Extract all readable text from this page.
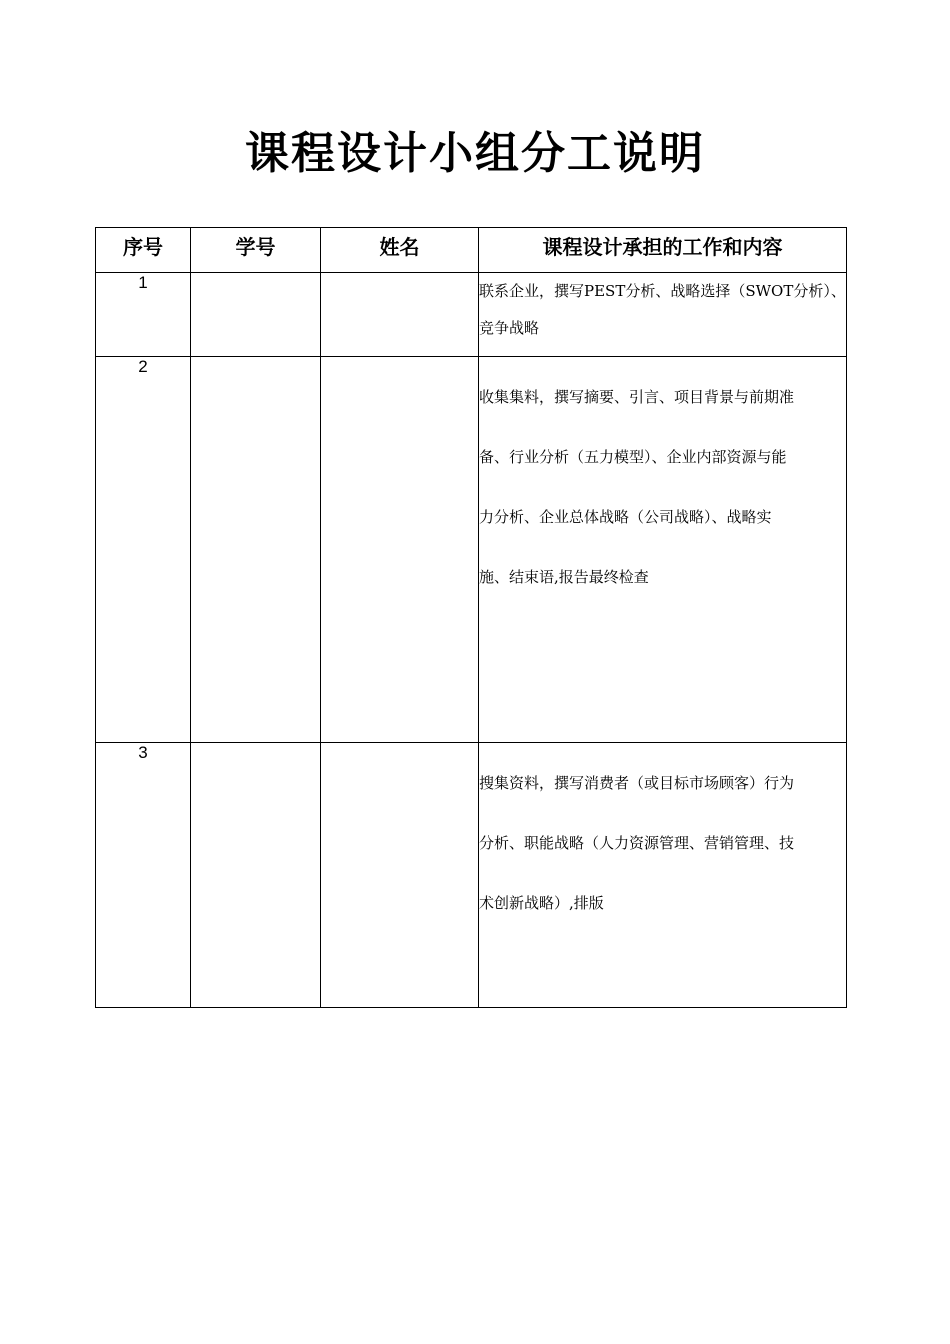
课程设计小组分工说明
序号	学号	姓名	课程设计承担的工作和内容
1			联系企业，撰写PEST分析、战略选择（SWOT分析）、竞争战略

2			收集集料，撰写摘要、引言、项目背景与前期准备、行业分析（五力模型）、企业内部资源与能力分析、企业总体战略（公司战略）、战略实施、结束语,报告最终检查

3			搜集资料，撰写消费者（或目标市场顾客）行为分析、职能战略（人力资源管理、营销管理、技术创新战略）,排版
